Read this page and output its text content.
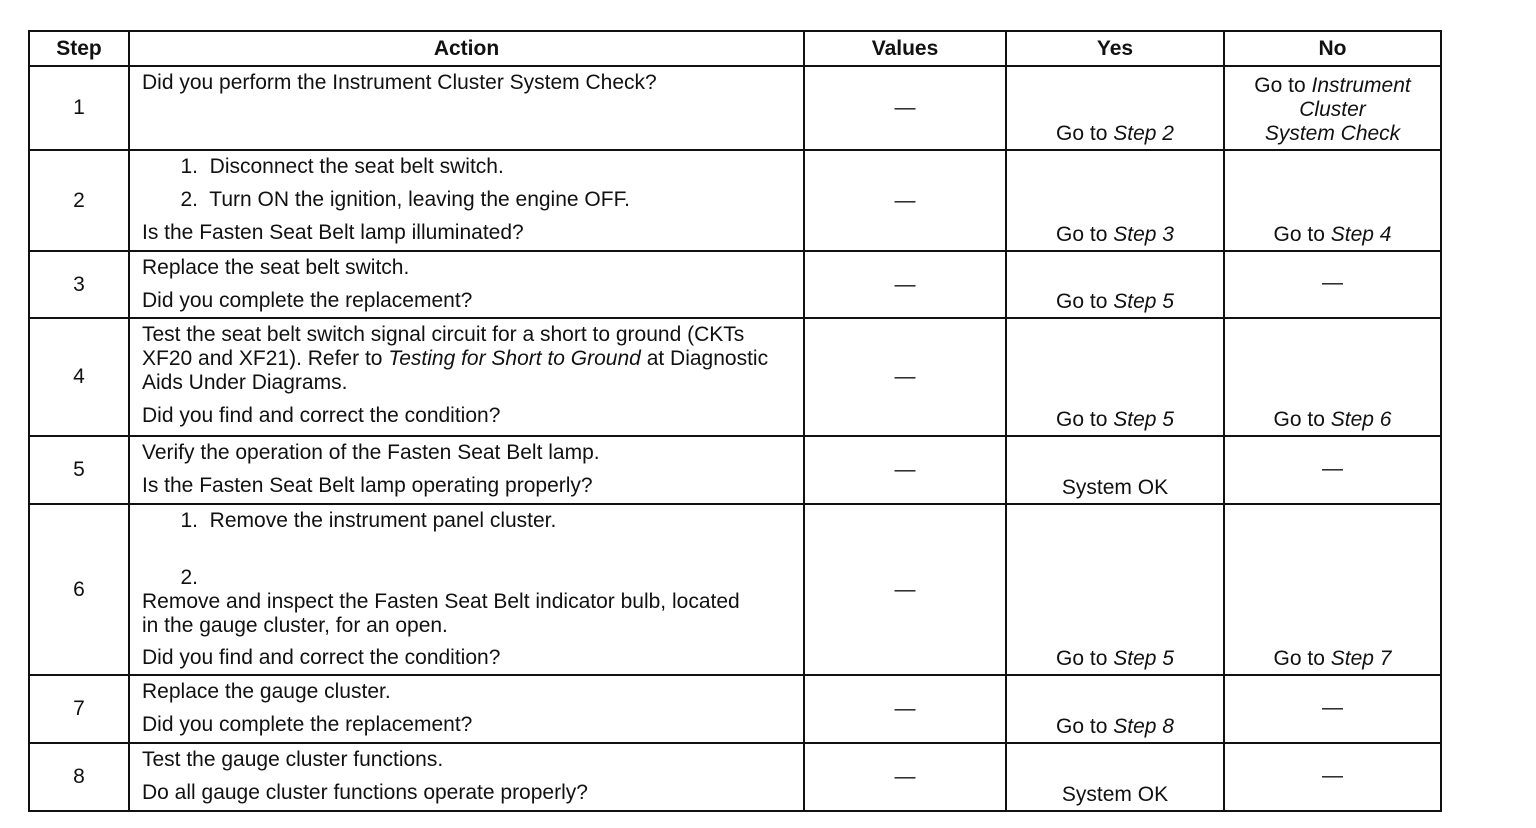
Step	Action	Values	Yes	No
1	Did you perform the Instrument Cluster System Check?	—	Go to Step 2	Go to Instrument
Cluster
System Check

2	1. Disconnect the seat belt switch.
2. Turn ON the ignition, leaving the engine OFF.
Is the Fasten Seat Belt lamp illuminated?	—	Go to Step 3	Go to Step 4
3	Replace the seat belt switch.
Did you complete the replacement?	—	Go to Step 5	—
4	Test the seat belt switch signal circuit for a short to ground (CKTs XF20 and XF21). Refer to Testing for Short to Ground at Diagnostic Aids Under Diagrams.
Did you find and correct the condition?	—	Go to Step 5	Go to Step 6
5	Verify the operation of the Fasten Seat Belt lamp.
Is the Fasten Seat Belt lamp operating properly?	—	System OK	—
6	1. Remove the instrument panel cluster.
2.  Remove and inspect the Fasten Seat Belt indicator bulb, located in the gauge cluster, for an open.
Did you find and correct the condition?	—	Go to Step 5	Go to Step 7
7	Replace the gauge cluster.
Did you complete the replacement?	—	Go to Step 8	—
8	Test the gauge cluster functions.
Do all gauge cluster functions operate properly?	—	System OK	—
